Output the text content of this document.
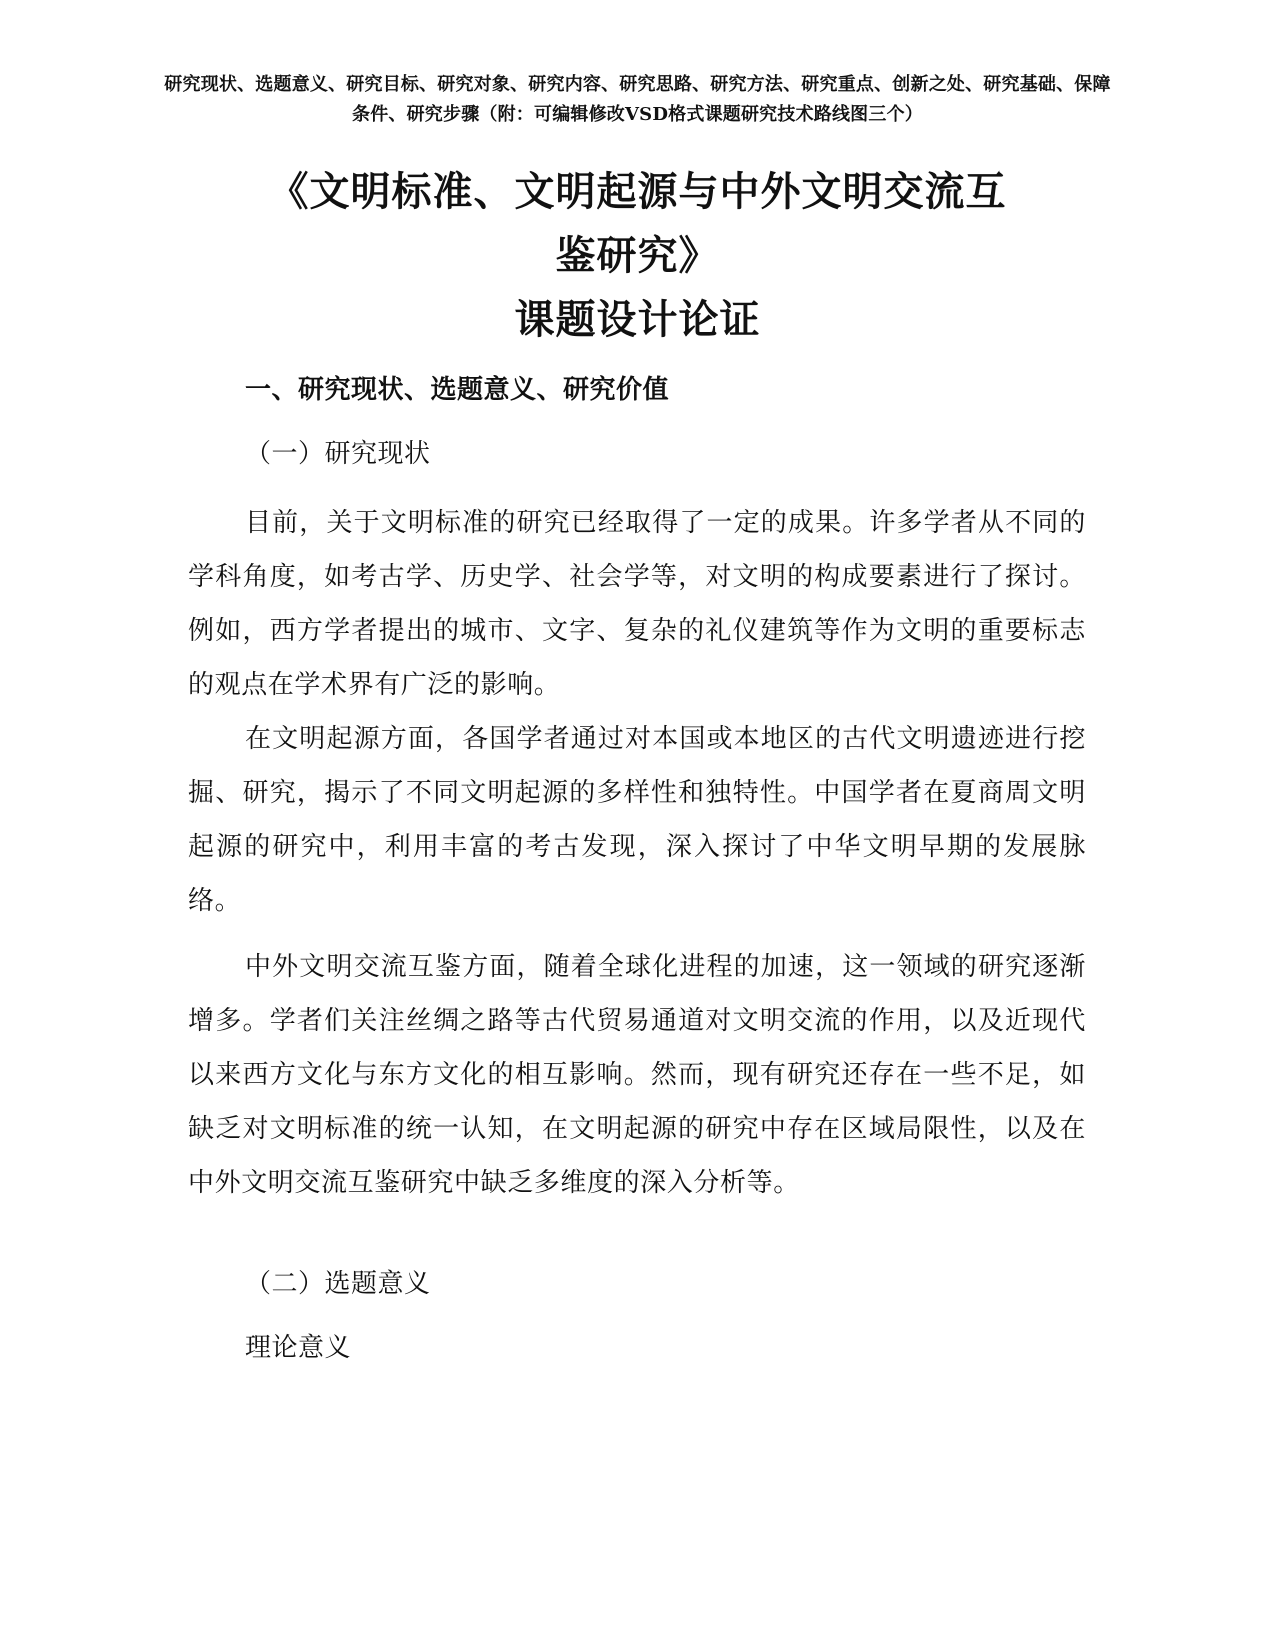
研究现状、选题意义、研究目标、研究对象、研究内容、研究思路、研究方法、研究重点、创新之处、研究基础、保障条件、研究步骤（附：可编辑修改VSD格式课题研究技术路线图三个）
《文明标准、文明起源与中外文明交流互
鉴研究》
课题设计论证
一、研究现状、选题意义、研究价值
（一）研究现状

目前，关于文明标准的研究已经取得了一定的成果。许多学者从不同的学科角度，如考古学、历史学、社会学等，对文明的构成要素进行了探讨。例如，西方学者提出的城市、文字、复杂的礼仪建筑等作为文明的重要标志的观点在学术界有广泛的影响。

在文明起源方面，各国学者通过对本国或本地区的古代文明遗迹进行挖掘、研究，揭示了不同文明起源的多样性和独特性。中国学者在夏商周文明起源的研究中，利用丰富的考古发现，深入探讨了中华文明早期的发展脉络。

中外文明交流互鉴方面，随着全球化进程的加速，这一领域的研究逐渐增多。学者们关注丝绸之路等古代贸易通道对文明交流的作用，以及近现代以来西方文化与东方文化的相互影响。然而，现有研究还存在一些不足，如缺乏对文明标准的统一认知，在文明起源的研究中存在区域局限性，以及在中外文明交流互鉴研究中缺乏多维度的深入分析等。

（二）选题意义
理论意义
